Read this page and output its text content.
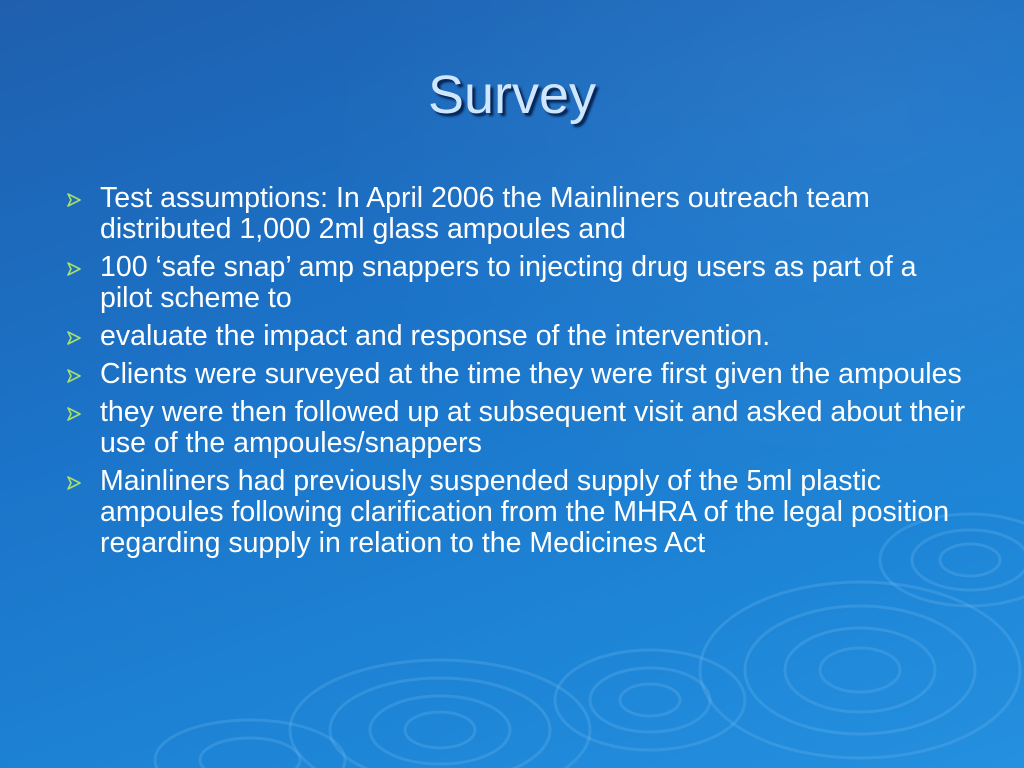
Survey
Test assumptions: In April 2006 the Mainliners outreach team distributed 1,000 2ml glass ampoules and
100 ‘safe snap’ amp snappers to injecting drug users as part of a pilot scheme to
evaluate the impact and response of the intervention.
Clients were surveyed at the time they were first given the ampoules
they were then followed up at subsequent visit and asked about their use of the ampoules/snappers
Mainliners had previously suspended supply of the 5ml plastic ampoules following clarification from the MHRA of the legal position regarding supply in relation to the Medicines Act
